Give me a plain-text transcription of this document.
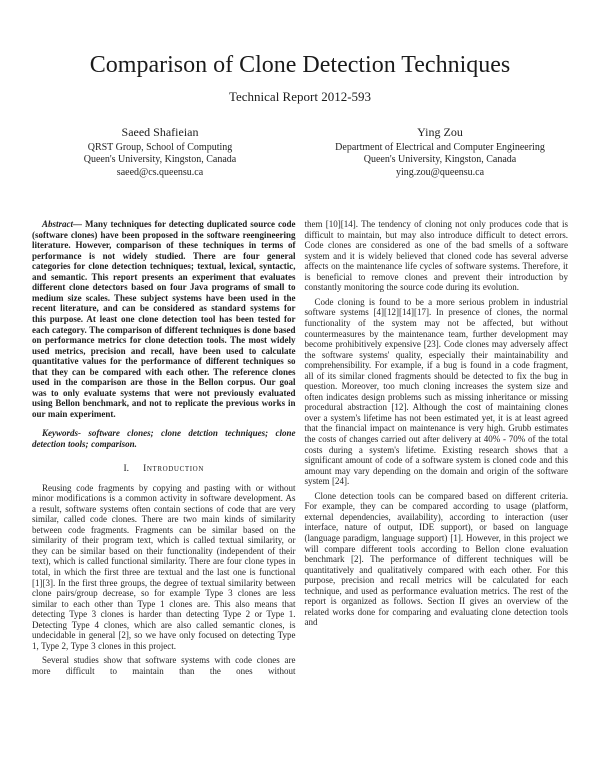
Comparison of Clone Detection Techniques
Technical Report 2012-593
Saeed Shafieian
QRST Group, School of Computing
Queen's University, Kingston, Canada
saeed@cs.queensu.ca
Ying Zou
Department of Electrical and Computer Engineering
Queen's University, Kingston, Canada
ying.zou@queensu.ca

Abstract— Many techniques for detecting duplicated source code (software clones) have been proposed in the software reengineering literature. However, comparison of these techniques in terms of performance is not widely studied. There are four general categories for clone detection techniques; textual, lexical, syntactic, and semantic. This report presents an experiment that evaluates different clone detectors based on four Java programs of small to medium size scales. These subject systems have been used in the recent literature, and can be considered as standard systems for this purpose. At least one clone detection tool has been tested for each category. The comparison of different techniques is done based on performance metrics for clone detection tools. The most widely used metrics, precision and recall, have been used to calculate quantitative values for the performance of different techniques so that they can be compared with each other. The reference clones used in the comparison are those in the Bellon corpus. Our goal was to only evaluate systems that were not previously evaluated using Bellon benchmark, and not to replicate the previous works in our main experiment.

Keywords- software clones; clone detction techniques; clone detection tools; comparison.

I. Introduction

Reusing code fragments by copying and pasting with or without minor modifications is a common activity in software development. As a result, software systems often contain sections of code that are very similar, called code clones. There are two main kinds of similarity between code fragments. Fragments can be similar based on the similarity of their program text, which is called textual similarity, or they can be similar based on their functionality (independent of their text), which is called functional similarity. There are four clone types in total, in which the first three are textual and the last one is functional [1][3]. In the first three groups, the degree of textual similarity between clone pairs/group decrease, so for example Type 3 clones are less similar to each other than Type 1 clones are. This also means that detecting Type 3 clones is harder than detecting Type 2 or Type 1. Detecting Type 4 clones, which are also called semantic clones, is undecidable in general [2], so we have only focused on detecting Type 1, Type 2, Type 3 clones in this project.

Several studies show that software systems with code clones are more difficult to maintain than the ones without

them [10][14]. The tendency of cloning not only produces code that is difficult to maintain, but may also introduce difficult to detect errors. Code clones are considered as one of the bad smells of a software system and it is widely believed that cloned code has several adverse affects on the maintenance life cycles of software systems. Therefore, it is beneficial to remove clones and prevent their introduction by constantly monitoring the source code during its evolution.

Code cloning is found to be a more serious problem in industrial software systems [4][12][14][17]. In presence of clones, the normal functionality of the system may not be affected, but without countermeasures by the maintenance team, further development may become prohibitively expensive [23]. Code clones may adversely affect the software systems' quality, especially their maintainability and comprehensibility. For example, if a bug is found in a code fragment, all of its similar cloned fragments should be detected to fix the bug in question. Moreover, too much cloning increases the system size and often indicates design problems such as missing inheritance or missing procedural abstraction [12]. Although the cost of maintaining clones over a system's lifetime has not been estimated yet, it is at least agreed that the financial impact on maintenance is very high. Grubb estimates the costs of changes carried out after delivery at 40% - 70% of the total costs during a system's lifetime. Existing research shows that a significant amount of code of a software system is cloned code and this amount may vary depending on the domain and origin of the software system [24].

Clone detection tools can be compared based on different criteria. For example, they can be compared according to usage (platform, external dependencies, availability), according to interaction (user interface, nature of output, IDE support), or based on language (language paradigm, language support) [1]. However, in this project we will compare different tools according to Bellon clone evaluation benchmark [2]. The performance of different techniques will be quantitatively and qualitatively compared with each other. For this purpose, precision and recall metrics will be calculated for each technique, and used as performance evaluation metrics. The rest of the report is organized as follows. Section II gives an overview of the related works done for comparing and evaluating clone detection tools and
